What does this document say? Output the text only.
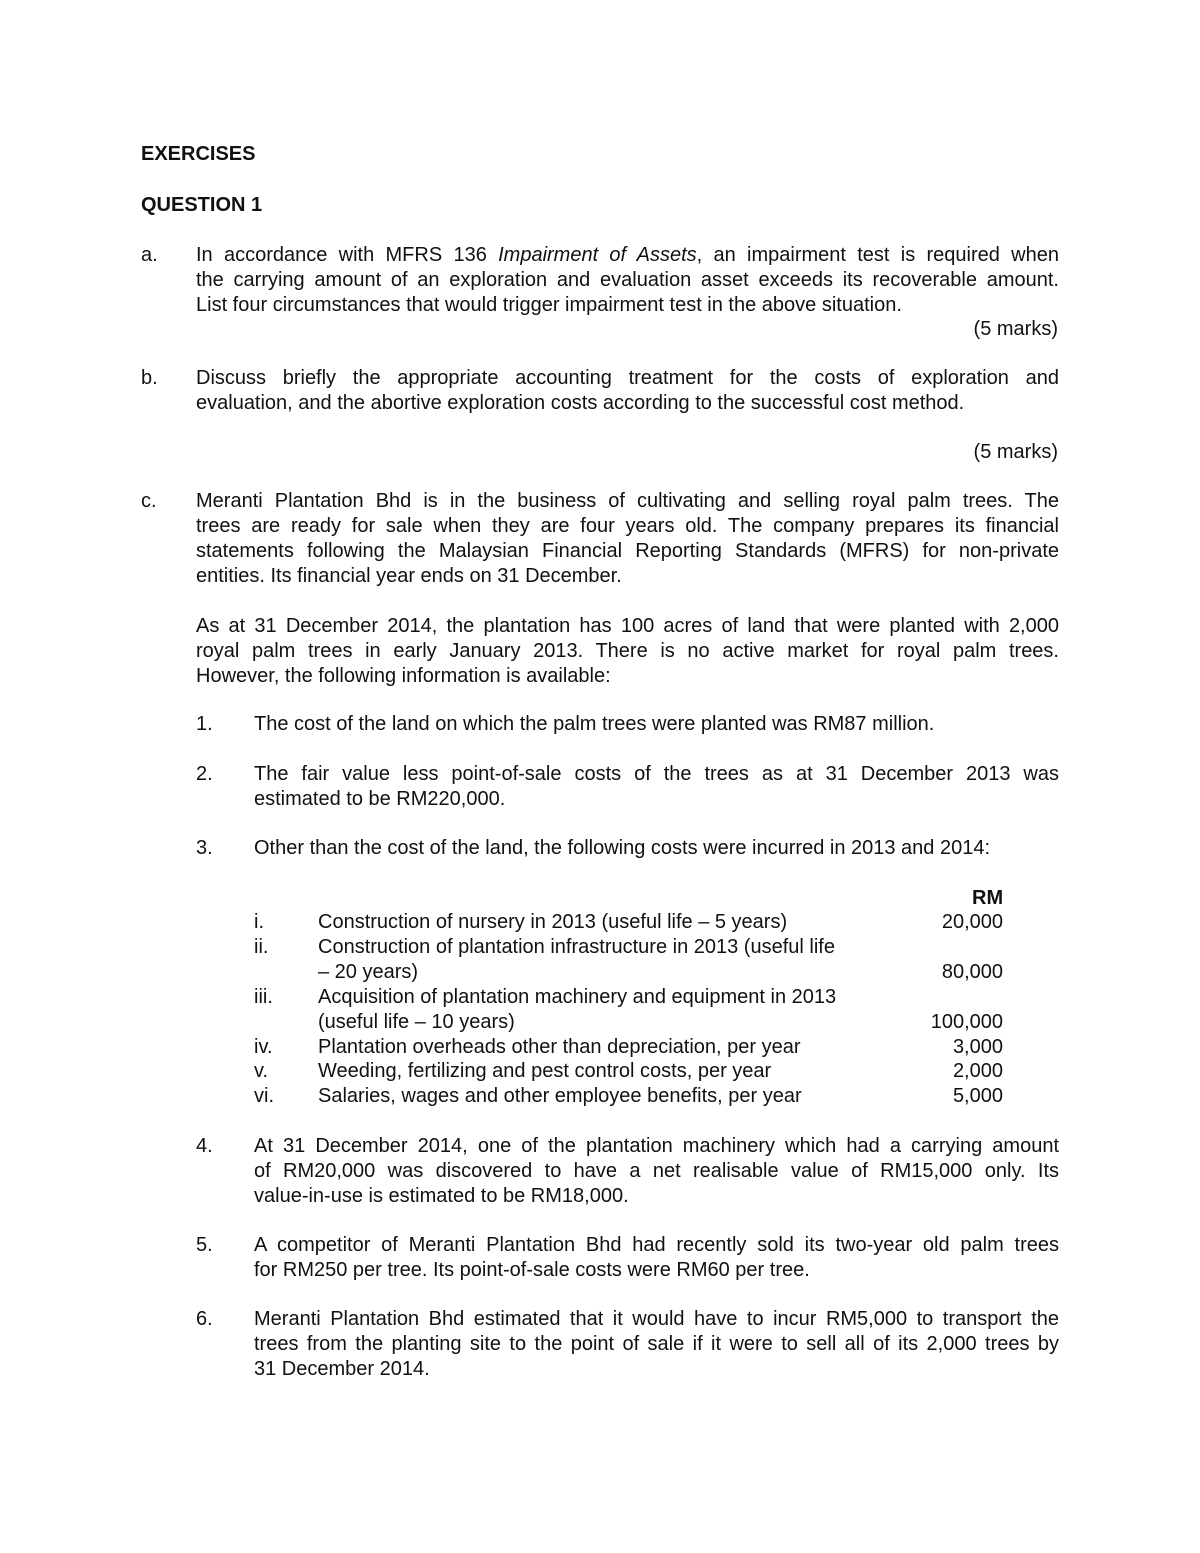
EXERCISES
QUESTION 1
a. In accordance with MFRS 136 Impairment of Assets, an impairment test is required when
the carrying amount of an exploration and evaluation asset exceeds its recoverable amount.
List four circumstances that would trigger impairment test in the above situation.
(5 marks)
b. Discuss briefly the appropriate accounting treatment for the costs of exploration and
evaluation, and the abortive exploration costs according to the successful cost method.
(5 marks)
c. Meranti Plantation Bhd is in the business of cultivating and selling royal palm trees. The
trees are ready for sale when they are four years old. The company prepares its financial
statements following the Malaysian Financial Reporting Standards (MFRS) for non-private
entities. Its financial year ends on 31 December.
As at 31 December 2014, the plantation has 100 acres of land that were planted with 2,000
royal palm trees in early January 2013. There is no active market for royal palm trees.
However, the following information is available:
1. The cost of the land on which the palm trees were planted was RM87 million.
2. The fair value less point-of-sale costs of the trees as at 31 December 2013 was
estimated to be RM220,000.
3. Other than the cost of the land, the following costs were incurred in 2013 and 2014:
RM
i.	Construction of nursery in 2013 (useful life – 5 years)	20,000
ii. Construction of plantation infrastructure in 2013 (useful life
– 20 years)	80,000
iii. Acquisition of plantation machinery and equipment in 2013
(useful life – 10 years)	100,000
iv. Plantation overheads other than depreciation, per year	3,000
v. Weeding, fertilizing and pest control costs, per year	2,000
vi. Salaries, wages and other employee benefits, per year	5,000
4. At 31 December 2014, one of the plantation machinery which had a carrying amount
of RM20,000 was discovered to have a net realisable value of RM15,000 only. Its
value-in-use is estimated to be RM18,000.
5. A competitor of Meranti Plantation Bhd had recently sold its two-year old palm trees
for RM250 per tree. Its point-of-sale costs were RM60 per tree.
6. Meranti Plantation Bhd estimated that it would have to incur RM5,000 to transport the
trees from the planting site to the point of sale if it were to sell all of its 2,000 trees by
31 December 2014.
